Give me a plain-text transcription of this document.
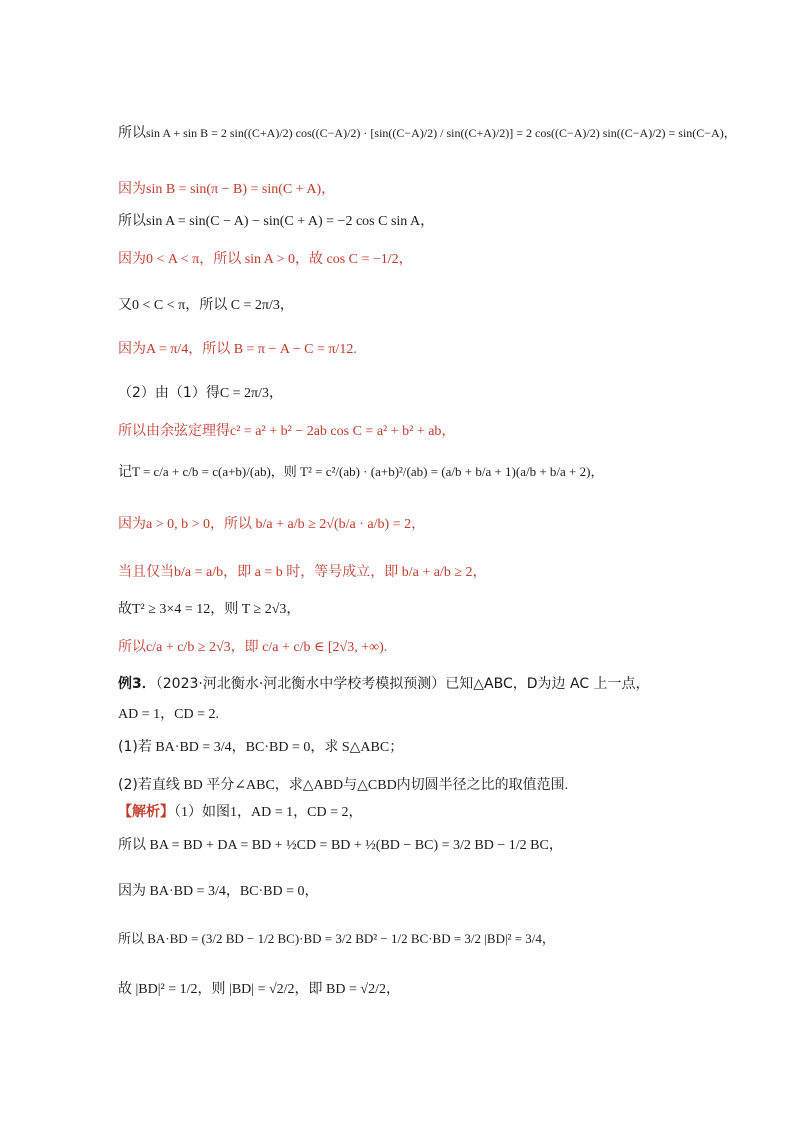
所以sin A + sin B = 2 sin((C+A)/2) cos((C−A)/2) · [sin((C−A)/2) / sin((C+A)/2)] = 2 cos((C−A)/2) sin((C−A)/2) = sin(C−A)，
因为sin B = sin(π − B) = sin(C + A)，
所以sin A = sin(C − A) − sin(C + A) = −2 cos C sin A，
因为0 < A < π，所以 sin A > 0，故 cos C = −1/2，
又0 < C < π，所以 C = 2π/3，
因为A = π/4，所以 B = π − A − C = π/12.
（2）由（1）得C = 2π/3，
所以由余弦定理得c² = a² + b² − 2ab cos C = a² + b² + ab，
记T = c/a + c/b = c(a+b)/(ab)，则 T² = c²/(ab) · (a+b)²/(ab) = (a/b + b/a + 1)(a/b + b/a + 2)，
因为a > 0, b > 0，所以 b/a + a/b ≥ 2√(b/a · a/b) = 2，
当且仅当b/a = a/b，即 a = b 时，等号成立，即 b/a + a/b ≥ 2，
故T² ≥ 3×4 = 12，则 T ≥ 2√3，
所以c/a + c/b ≥ 2√3，即 c/a + c/b ∈ [2√3, +∞).
例3．（2023·河北衡水·河北衡水中学校考模拟预测）已知△ABC，D为边 AC 上一点，
AD = 1，CD = 2.
(1)若 BA·BD = 3/4，BC·BD = 0，求 S△ABC；
(2)若直线 BD 平分∠ABC，求△ABD与△CBD内切圆半径之比的取值范围.
【解析】（1）如图1，AD = 1，CD = 2，
所以 BA = BD + DA = BD + ½CD = BD + ½(BD − BC) = 3/2 BD − 1/2 BC，
因为 BA·BD = 3/4，BC·BD = 0，
所以 BA·BD = (3/2 BD − 1/2 BC)·BD = 3/2 BD² − 1/2 BC·BD = 3/2 |BD|² = 3/4，
故 |BD|² = 1/2，则 |BD| = √2/2，即 BD = √2/2，
